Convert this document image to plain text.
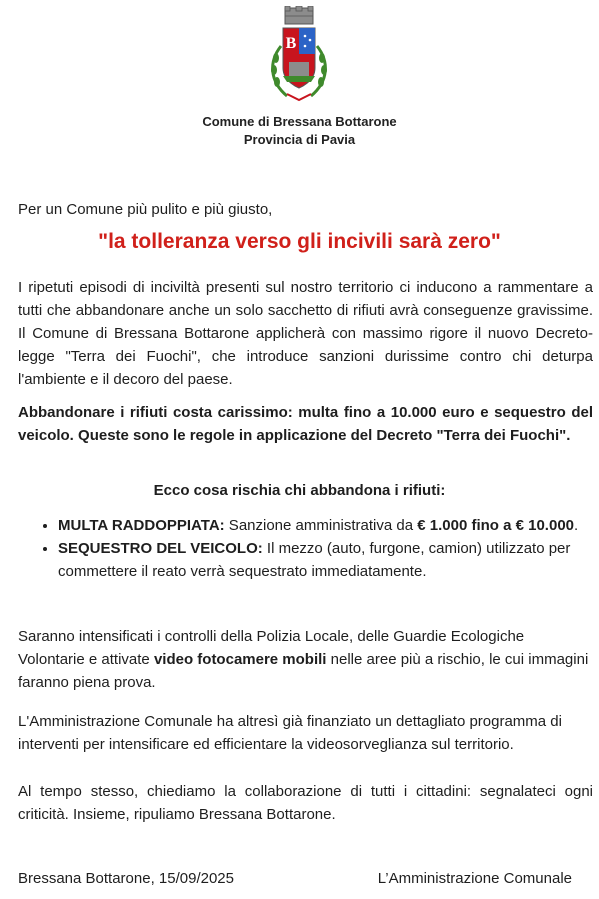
B
Comune di Bressana Bottarone
Provincia di Pavia
Per un Comune più pulito e più giusto,
"la tolleranza verso gli incivili sarà zero"
I ripetuti episodi di inciviltà presenti sul nostro territorio ci inducono a rammentare a tutti che abbandonare anche un solo sacchetto di rifiuti avrà conseguenze gravissime. Il Comune di Bressana Bottarone applicherà con massimo rigore il nuovo Decreto-legge "Terra dei Fuochi", che introduce sanzioni durissime contro chi deturpa l'ambiente e il decoro del paese.
Abbandonare i rifiuti costa carissimo: multa fino a 10.000 euro e sequestro del veicolo. Queste sono le regole in applicazione del Decreto "Terra dei Fuochi".
Ecco cosa rischia chi abbandona i rifiuti:
• MULTA RADDOPPIATA: Sanzione amministrativa da € 1.000 fino a € 10.000.
• SEQUESTRO DEL VEICOLO: Il mezzo (auto, furgone, camion) utilizzato per commettere il reato verrà sequestrato immediatamente.
Saranno intensificati i controlli della Polizia Locale, delle Guardie Ecologiche Volontarie e attivate video fotocamere mobili nelle aree più a rischio, le cui immagini faranno piena prova.
L'Amministrazione Comunale ha altresì già finanziato un dettagliato programma di interventi per intensificare ed efficientare la videosorveglianza sul territorio.
Al tempo stesso, chiediamo la collaborazione di tutti i cittadini: segnalateci ogni criticità. Insieme, ripuliamo Bressana Bottarone.
Bressana Bottarone, 15/09/2025	L’Amministrazione Comunale
